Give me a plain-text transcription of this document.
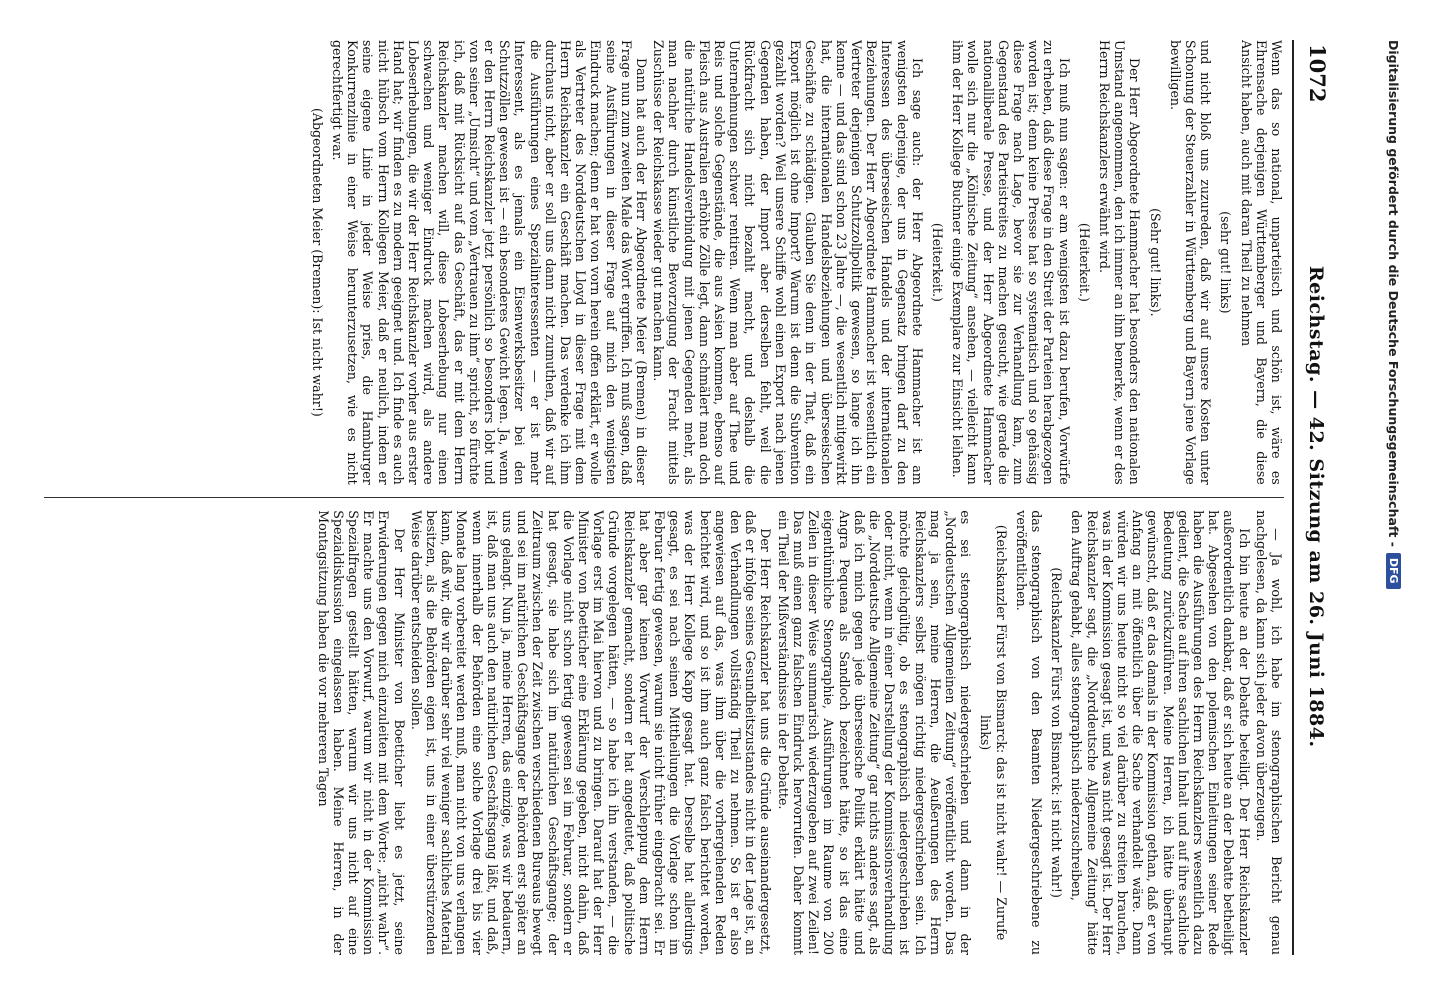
1072
Reichstag. — 42. Sitzung am 26. Juni 1884.

Wenn das so national, unparteiisch und schön ist, wäre es Ehrensache derjenigen Württemberger und Bayern, die diese Ansicht haben, auch mit daran Theil zu nehmen

(sehr gut! links)

und nicht bloß uns zuzureden, daß wir auf unsere Kosten unter Schonung der Steuerzahler in Württemberg und Bayern jene Vorlage bewilligen.

(Sehr gut! links).

Der Herr Abgeordnete Hammacher hat besonders den nationalen Umstand angenommen, den ich immer an ihm bemerke, wenn er des Herrn Reichskanzlers erwähnt wird.

(Heiterkeit.)

Ich muß nun sagen: er am wenigsten ist dazu berufen, Vorwürfe zu erheben, daß diese Frage in den Streit der Parteien herabgezogen worden ist; denn keine Presse hat so systematisch und so gehässig diese Frage nach Lage, bevor sie zur Verhandlung kam, zum Gegenstand des Parteistreites zu machen gesucht, wie gerade die nationalliberale Presse, und der Herr Abgeordnete Hammacher wolle sich nur die „Kölnische Zeitung“ ansehen, — vielleicht kann ihm der Herr Kollege Buchner einige Exemplare zur Einsicht leihen.

(Heiterkeit.)

Ich sage auch: der Herr Abgeordnete Hammacher ist am wenigsten derjenige, der uns in Gegensatz bringen darf zu den Interessen des überseeischen Handels und der internationalen Beziehungen. Der Herr Abgeordnete Hammacher ist wesentlich ein Vertreter derjenigen Schutzzollpolitik gewesen, so lange ich ihn kenne — und das sind schon 23 Jahre —, die wesentlich mitgewirkt hat, die internationalen Handelsbeziehungen und überseeischen Geschäfte zu schädigen. Glauben Sie denn in der That, daß ein Export möglich ist ohne Import? Warum ist denn die Subvention gezahlt worden? Weil unsere Schiffe wohl einen Export nach jenen Gegenden haben, der Import aber derselben fehlt, weil die Rückfracht sich nicht bezahlt macht, und deshalb die Unternehmungen schwer rentiren. Wenn man aber auf Thee und Reis und solche Gegenstände, die aus Asien kommen, ebenso auf Fleisch aus Australien erhöhte Zölle legt, dann schmälert man doch die natürliche Handelsverbindung mit jenen Gegenden mehr, als man nachher durch künstliche Bevorzugung der Fracht mittels Zuschüsse der Reichskasse wieder gut machen kann.

Dann hat auch der Herr Abgeordnete Meier (Bremen) in dieser Frage nun zum zweiten Male das Wort ergriffen. Ich muß sagen, daß seine Ausführungen in dieser Frage auf mich den wenigsten Eindruck machen; denn er hat von vorn herein offen erklärt, er wolle als Vertreter des Norddeutschen Lloyd in dieser Frage mit dem Herrn Reichskanzler ein Geschäft machen. Das verdenke ich ihm durchaus nicht, aber er soll uns dann nicht zumuthen, daß wir auf die Ausführungen eines Spezialinteressenten — er ist mehr Interessent, als es jemals ein Eisenwerksbesitzer bei den Schutzzöllen gewesen ist — ein besonderes Gewicht legen. Ja, wenn er den Herrn Reichskanzler jetzt persönlich so besonders lobt und von seiner „Umsicht“ und vom „Vertrauen zu ihm“ spricht, so fürchte ich, daß mit Rücksicht auf das Geschäft, das er mit dem Herrn Reichskanzler machen will, diese Lobeserhebung nur einen schwachen und weniger Eindruck machen wird, als andere Lobeserhebungen, die wir der Herr Reichskanzler vorher aus erster Hand hat; wir finden es zu modern geeignet und. Ich finde es auch nicht hübsch vom Herrn Kollegen Meier, daß er neulich, indem er seine eigene Linie in jeder Weise pries, die Hamburger Konkurrenzlinie in einer Weise herunterzusetzen, wie es nicht gerechtfertigt war.

(Abgeordneten Meier (Bremen): Ist nicht wahr!)

— Ja wohl, ich habe im stenographischen Bericht genau nachgelesen, da kann sich jeder davon überzeugen.

Ich bin heute an der Debatte beteiligt. Der Herr Reichskanzler außerordentlich dankbar, daß er sich heute an der Debatte betheiligt hat. Abgesehen von den polemischen Einleitungen seiner Rede haben die Ausführungen des Herrn Reichskanzlers wesentlich dazu gedient, die Sache auf ihren sachlichen Inhalt und auf ihre sachliche Bedeutung zurückzuführen. Meine Herren, ich hätte überhaupt gewünscht, daß er das damals in der Kommission gethan, daß er von Anfang an mit öffentlich über die Sache verhandelt wäre. Dann würden wir uns heute nicht so viel darüber zu streiten brauchen, was in der Kommission gesagt ist, und was nicht gesagt ist. Der Herr Reichskanzler sagt, die „Norddeutsche Allgemeine Zeitung“ hätte den Auftrag gehabt, alles stenographisch niederzuschreiben,

(Reichskanzler Fürst von Bismarck: ist nicht wahr!)

das stenographisch von den Beamten Niedergeschriebene zu veröffentlichen.

(Reichskanzler Fürst von Bismarck: das ist nicht wahr! — Zurufe links)

es sei stenographisch niedergeschrieben und dann in der „Norddeutschen Allgemeinen Zeitung“ veröffentlicht worden. Das mag ja sein, meine Herren, die Aeußerungen des Herrn Reichskanzlers selbst mögen richtig niedergeschrieben sein. Ich möchte gleichgültig, ob es stenographisch niedergeschrieben ist oder nicht, wenn in einer Darstellung der Kommissionsverhandlung die „Norddeutsche Allgemeine Zeitung“ gar nichts anderes sagt, als daß ich mich gegen jede überseeische Politik erklärt hätte und Angra Pequena als Sandloch bezeichnet hätte, so ist das eine eigenthümliche Stenographie, Ausführungen im Raume von 200 Zeilen in dieser Weise summarisch wiederzugeben auf zwei Zeilen! Das muß einen ganz falschen Eindruck hervorrufen. Daher kommt ein Theil der Mißverständnisse in der Debatte.

Der Herr Reichskanzler hat uns die Gründe auseinandergesetzt, daß er infolge seines Gesundheitszustandes nicht in der Lage ist, an den Verhandlungen vollständig Theil zu nehmen. So ist er also angewiesen auf das, was ihm über die vorhergehenden Reden berichtet wird, und so ist ihm auch ganz falsch berichtet worden, was der Herr Kollege Kapp gesagt hat. Derselbe hat allerdings gesagt, es sei nach seinen Mittheilungen die Vorlage schon im Februar fertig gewesen, warum sie nicht früher eingebracht sei. Er hat aber gar keinen Vorwurf der Verschleppung dem Herrn Reichskanzler gemacht, sondern er hat angedeutet, daß politische Gründe vorgelegen hätten, — so habe ich ihn verstanden, — die Vorlage erst im Mai hiervon und zu bringen. Darauf hat der Herr Minister von Boetticher eine Erklärung gegeben, nicht dahin, daß die Vorlage nicht schon fertig gewesen sei im Februar, sondern er hat gesagt, sie habe sich im natürlichen Geschäftsgange; der Zeitraum zwischen der Zeit zwischen verschiedenen Bureaus bewegt und sei im natürlichen Geschäftsgange der Behörden erst später an uns gelangt. Nun ja, meine Herren, das einzige, was wir bedauern, ist, daß man uns auch den natürlichen Geschäftsgang läßt, und daß, wenn innerhalb der Behörden eine solche Vorlage drei bis vier Monate lang vorbereitet werden muß, man nicht von uns verlangen kann, daß wir, die wir darüber sehr viel weniger sachliches Material besitzen, als die Behörden eigen ist, uns in einer überstürzenden Weise darüber entscheiden sollen.

Der Herr Minister von Boetticher liebt es jetzt, seine Erwiderungen gegen mich einzuleiten mit dem Worte: „nicht wahr“. Er machte uns den Vorwurf, warum wir nicht in der Kommission Spezialfragen gestellt hätten, warum wir uns nicht auf eine Spezialdiskussion eingelassen haben. Meine Herren, in der Montagsitzung haben die vor mehreren Tagen

Digitalisierung gefördert durch die Deutsche Forschungsgemeinschaft -
DFG
